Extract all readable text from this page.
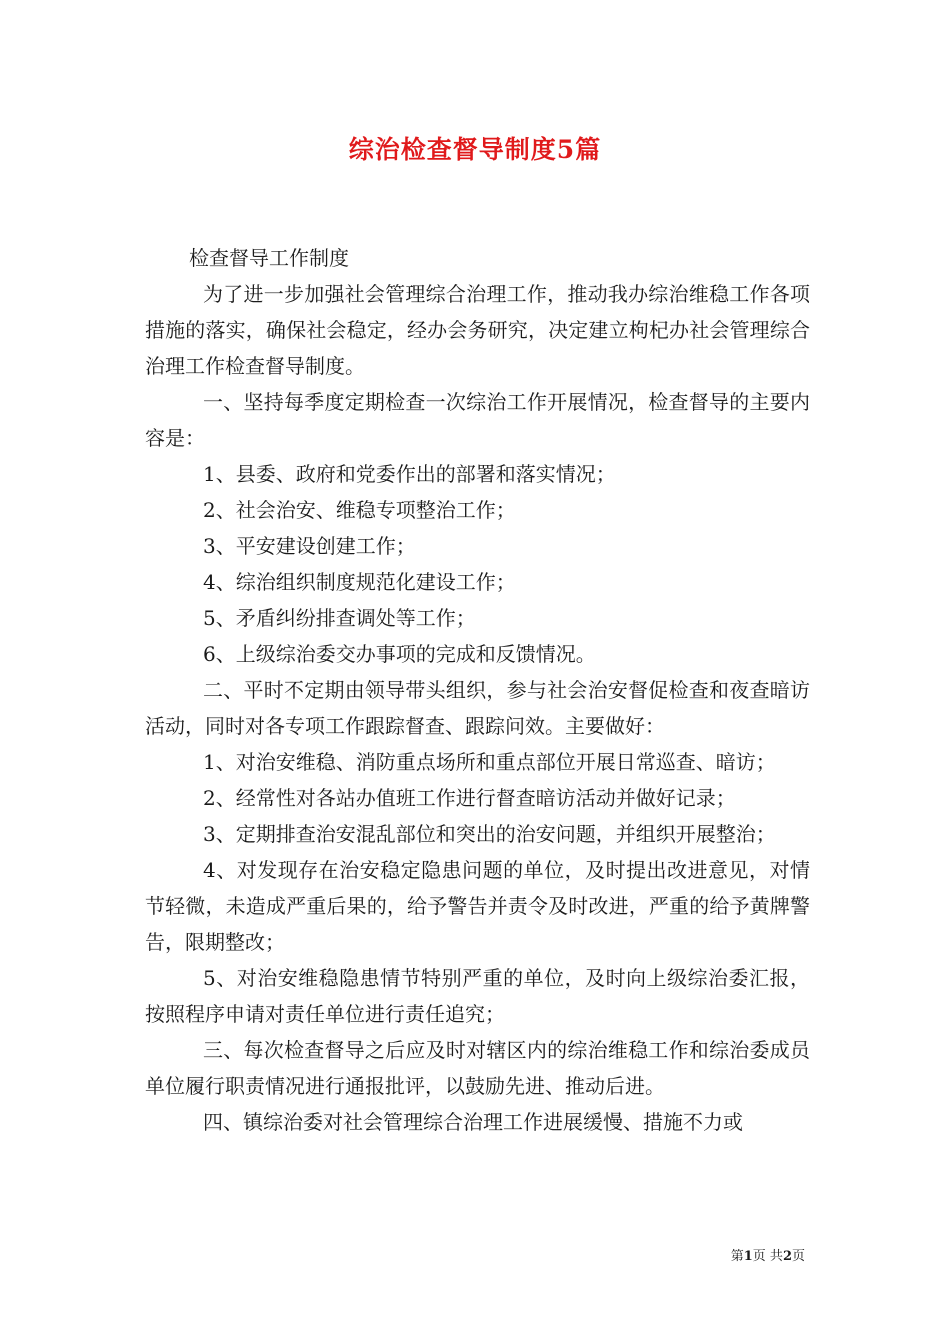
综治检查督导制度5篇

检查督导工作制度

为了进一步加强社会管理综合治理工作，推动我办综治维稳工作各项措施的落实，确保社会稳定，经办会务研究，决定建立枸杞办社会管理综合治理工作检查督导制度。

一、坚持每季度定期检查一次综治工作开展情况，检查督导的主要内容是：

1、县委、政府和党委作出的部署和落实情况；

2、社会治安、维稳专项整治工作；

3、平安建设创建工作；

4、综治组织制度规范化建设工作；

5、矛盾纠纷排查调处等工作；

6、上级综治委交办事项的完成和反馈情况。

二、平时不定期由领导带头组织，参与社会治安督促检查和夜查暗访活动，同时对各专项工作跟踪督查、跟踪问效。主要做好：

1、对治安维稳、消防重点场所和重点部位开展日常巡查、暗访；

2、经常性对各站办值班工作进行督查暗访活动并做好记录；

3、定期排查治安混乱部位和突出的治安问题，并组织开展整治；

4、对发现存在治安稳定隐患问题的单位，及时提出改进意见，对情节轻微，未造成严重后果的，给予警告并责令及时改进，严重的给予黄牌警告，限期整改；

5、对治安维稳隐患情节特别严重的单位，及时向上级综治委汇报，按照程序申请对责任单位进行责任追究；

三、每次检查督导之后应及时对辖区内的综治维稳工作和综治委成员单位履行职责情况进行通报批评，以鼓励先进、推动后进。

四、镇综治委对社会管理综合治理工作进展缓慢、措施不力或

第1页 共2页
